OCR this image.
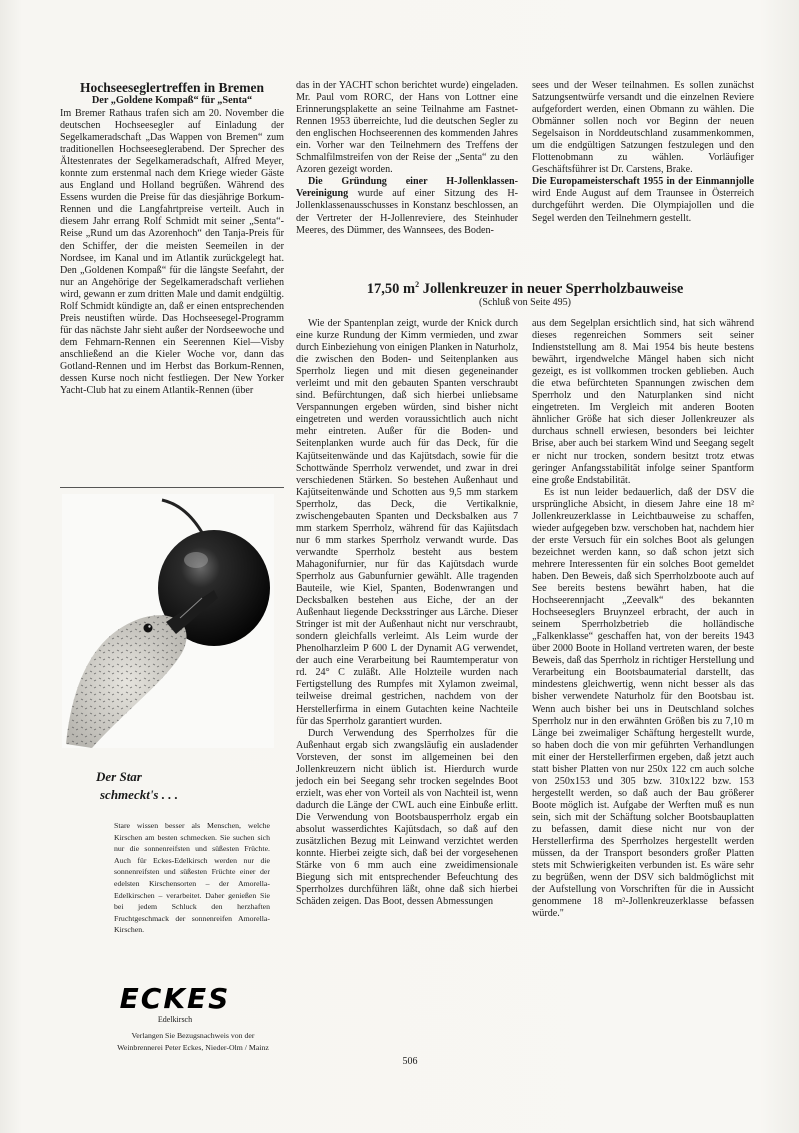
Hochseeseglertreffen in Bremen
Der „Goldene Kompaß“ für „Senta“

Im Bremer Rathaus trafen sich am 20. November die deutschen Hochseesegler auf Einladung der Segelkameradschaft „Das Wappen von Bremen“ zum traditionellen Hochseeseglerabend. Der Sprecher des Ältestenrates der Segelkameradschaft, Alfred Meyer, konnte zum erstenmal nach dem Kriege wieder Gäste aus England und Holland begrüßen. Während des Essens wurden die Preise für das diesjährige Borkum-Rennen und die Langfahrtpreise verteilt. Auch in diesem Jahr errang Rolf Schmidt mit seiner „Senta“-Reise „Rund um das Azorenhoch“ den Tanja-Preis für den Schiffer, der die meisten Seemeilen in der Nordsee, im Kanal und im Atlantik zurückgelegt hat. Den „Goldenen Kompaß“ für die längste Seefahrt, der nur an Angehörige der Segelkameradschaft verliehen wird, gewann er zum dritten Male und damit endgültig. Rolf Schmidt kündigte an, daß er einen entsprechenden Preis neustiften würde. Das Hochseesegel-Programm für das nächste Jahr sieht außer der Nordseewoche und dem Fehmarn-Rennen ein Seerennen Kiel—Visby anschließend an die Kieler Woche vor, dann das Gotland-Rennen und im Herbst das Borkum-Rennen, dessen Kurse noch nicht festliegen. Der New Yorker Yacht-Club hat zu einem Atlantik-Rennen (über

das in der YACHT schon berichtet wurde) eingeladen. Mr. Paul vom RORC, der Hans von Lottner eine Erinnerungsplakette an seine Teilnahme am Fastnet-Rennen 1953 überreichte, lud die deutschen Segler zu den englischen Hochseerennen des kommenden Jahres ein. Vorher war den Teilnehmern des Treffens der Schmalfilmstreifen von der Reise der „Senta“ zu den Azoren gezeigt worden.

Die Gründung einer H-Jollenklassen-Vereinigung wurde auf einer Sitzung des H-Jollenklassenausschusses in Konstanz beschlossen, an der Vertreter der H-Jollenreviere, des Steinhuder Meeres, des Dümmer, des Wannsees, des Boden-

sees und der Weser teilnahmen. Es sollen zunächst Satzungsentwürfe versandt und die einzelnen Reviere aufgefordert werden, einen Obmann zu wählen. Die Obmänner sollen noch vor Beginn der neuen Segelsaison in Norddeutschland zusammenkommen, um die endgültigen Satzungen festzulegen und den Flottenobmann zu wählen. Vorläufiger Geschäftsführer ist Dr. Carstens, Brake.

Die Europameisterschaft 1955 in der Einmannjolle wird Ende August auf dem Traunsee in Österreich durchgeführt werden. Die Olympiajollen und die Segel werden den Teilnehmern gestellt.

17,50 $m^2$ Jollenkreuzer in neuer Sperrholzbauweise
(Schluß von Seite 495)

Wie der Spantenplan zeigt, wurde der Knick durch eine kurze Rundung der Kimm vermieden, und zwar durch Einbeziehung von einigen Planken in Naturholz, die zwischen den Boden- und Seitenplanken aus Sperrholz liegen und mit diesen gegeneinander verleimt und mit den gebauten Spanten verschraubt sind. Befürchtungen, daß sich hierbei unliebsame Verspannungen ergeben würden, sind bisher nicht eingetreten und werden voraussichtlich auch nicht mehr eintreten. Außer für die Boden- und Seitenplanken wurde auch für das Deck, für die Kajütseitenwände und das Kajütsdach, sowie für die Schottwände Sperrholz verwendet, und zwar in drei verschiedenen Stärken. So bestehen Außenhaut und Kajütseitenwände und Schotten aus 9,5 mm starkem Sperrholz, das Deck, die Vertikalknie, zwischengebauten Spanten und Decksbalken aus 7 mm starkem Sperrholz, während für das Kajütsdach nur 6 mm starkes Sperrholz verwandt wurde. Das verwandte Sperrholz besteht aus bestem Mahagonifurnier, nur für das Kajütsdach wurde Sperrholz aus Gabunfurnier gewählt. Alle tragenden Bauteile, wie Kiel, Spanten, Bodenwrangen und Decksbalken bestehen aus Eiche, der an der Außenhaut liegende Decksstringer aus Lärche. Dieser Stringer ist mit der Außenhaut nicht nur verschraubt, sondern gleichfalls verleimt. Als Leim wurde der Phenolharzleim P 600 L der Dynamit AG verwendet, der auch eine Verarbeitung bei Raumtemperatur von rd. 24° C zuläßt. Alle Holzteile wurden nach Fertigstellung des Rumpfes mit Xylamon zweimal, teilweise dreimal gestrichen, nachdem von der Herstellerfirma in einem Gutachten keine Nachteile für das Sperrholz garantiert wurden.

Durch Verwendung des Sperrholzes für die Außenhaut ergab sich zwangsläufig ein ausladender Vorsteven, der sonst im allgemeinen bei den Jollenkreuzern nicht üblich ist. Hierdurch wurde jedoch ein bei Seegang sehr trocken segelndes Boot erzielt, was eher von Vorteil als von Nachteil ist, wenn dadurch die Länge der CWL auch eine Einbuße erlitt. Die Verwendung von Bootsbausperrholz ergab ein absolut wasserdichtes Kajütsdach, so daß auf den zusätzlichen Bezug mit Leinwand verzichtet werden konnte. Hierbei zeigte sich, daß bei der vorgesehenen Stärke von 6 mm auch eine zweidimensionale Biegung sich mit entsprechender Befeuchtung des Sperrholzes durchführen läßt, ohne daß sich hierbei Schäden zeigen. Das Boot, dessen Abmessungen

aus dem Segelplan ersichtlich sind, hat sich während dieses regenreichen Sommers seit seiner Indienststellung am 8. Mai 1954 bis heute bestens bewährt, irgendwelche Mängel haben sich nicht gezeigt, es ist vollkommen trocken geblieben. Auch die etwa befürchteten Spannungen zwischen dem Sperrholz und den Naturplanken sind nicht eingetreten. Im Vergleich mit anderen Booten ähnlicher Größe hat sich dieser Jollenkreuzer als durchaus schnell erwiesen, besonders bei leichter Brise, aber auch bei starkem Wind und Seegang segelt er nicht nur trocken, sondern besitzt trotz etwas geringer Anfangsstabilität infolge seiner Spantform eine große Endstabilität.

Es ist nun leider bedauerlich, daß der DSV die ursprüngliche Absicht, in diesem Jahre eine 18 m² Jollenkreuzerklasse in Leichtbauweise zu schaffen, wieder aufgegeben bzw. verschoben hat, nachdem hier der erste Versuch für ein solches Boot als gelungen bezeichnet werden kann, so daß schon jetzt sich mehrere Interessenten für ein solches Boot gemeldet haben. Den Beweis, daß sich Sperrholzboote auch auf See bereits bestens bewährt haben, hat die Hochseerennjacht „Zeevalk“ des bekannten Hochseeseglers Bruynzeel erbracht, der auch in seinem Sperrholzbetrieb die holländische „Falkenklasse“ geschaffen hat, von der bereits 1943 über 2000 Boote in Holland vertreten waren, der beste Beweis, daß das Sperrholz in richtiger Herstellung und Verarbeitung ein Bootsbaumaterial darstellt, das mindestens gleichwertig, wenn nicht besser als das bisher verwendete Naturholz für den Bootsbau ist. Wenn auch bisher bei uns in Deutschland solches Sperrholz nur in den erwähnten Größen bis zu 7,10 m Länge bei zweimaliger Schäftung hergestellt wurde, so haben doch die von mir geführten Verhandlungen mit einer der Herstellerfirmen ergeben, daß jetzt auch statt bisher Platten von nur 250x 122 cm auch solche von 250x153 und 305 bzw. 310x122 bzw. 153 hergestellt werden, so daß auch der Bau größerer Boote möglich ist. Aufgabe der Werften muß es nun sein, sich mit der Schäftung solcher Bootsbauplatten zu befassen, damit diese nicht nur von der Herstellerfirma des Sperrholzes hergestellt werden müssen, da der Transport besonders großer Platten stets mit Schwierigkeiten verbunden ist. Es wäre sehr zu begrüßen, wenn der DSV sich baldmöglichst mit der Aufstellung von Vorschriften für die in Aussicht genommene 18 m²-Jollenkreuzerklasse befassen würde."

Der Star
schmeckt's . . .
Stare wissen besser als Menschen, welche Kirschen am besten schmecken. Sie suchen sich nur die sonnenreifsten und süßesten Früchte. Auch für Eckes-Edelkirsch werden nur die sonnenreifsten und süßesten Früchte einer der edelsten Kirschensorten – der Amorella-Edelkirschen – verarbeitet. Daher genießen Sie bei jedem Schluck den herzhaften Fruchtgeschmack der sonnenreifen Amorella-Kirschen.
ECKES
Edelkirsch
Verlangen Sie Bezugsnachweis von der Weinbrennerei Peter Eckes, Nieder-Olm / Mainz
506
